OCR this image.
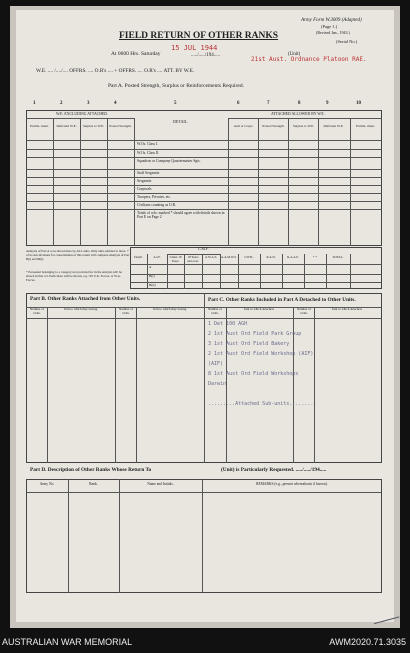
Army Form W.3009 (Adapted)
(Page 1.)
(Revised Jan., 1943.)
(Serial No.)
FIELD RETURN OF OTHER RANKS
At 0600 Hrs. Saturday
15 JUL 1944
...../...../194.....	(Unit)
21st Aust. Ordnance Platoon RAE.
W.E. .... /..../.... OFFRS. .... O.R's .... + OFFRS. .... O.R's .... ATT. BY W.E.
Part A. Posted Strength, Surplus or Reinforcements Required.
1	2	3	4	5	6	7	8	9	10
W.E. EXCLUDING ATTACHED.	ATTACHED ALLOWED BY W.E.
DETAIL.
Entitle- ment.	Deficient W.E.	Surplus to W.E. Posted Strength.	Arm or Corps.	Posted Strength.	Surplus to W.E.	Deficient W.E.	Entitle- ment.
W.Os. Class I.
W.Os. Class II.
Squadron or Company Quartermaster Sgts.
Staff Sergeants
Sergeants
Corporals
Troopers, Privates, etc.
Civilians counting as O.R.
Totals of cols. marked * should agree with details shown in Part E on Page 2
Analysis of Part A to be shown here by ALL units. Only units entitled to more. 7 of its sub-divisions for consolidation of this return will complete Analysis of Part B(i) and B(ii).
* Personnel belonging to a category not provided for in the analysis will be shown in this col. Particulars will be shown, e.g.: IN U.K. Forces, or W.A. Forces.
C.M.F.
Detail.	A.I.F.	Under 18 Years.
18 Years and over.
A.W.A.S.	A.A.M.W.S.	CIVIL.	R.A.N.	R.A.A.F.	* *	TOTAL.
A
B(i)
B(ii)
Part B. Other Ranks Attached from Other Units.	Part C. Other Ranks Included in Part A Detached to Other Units.
Number of O.Rs.
Unit to which they belong.	Number of O.Rs.
Unit to which they belong.	Number of O.Rs.
Unit to which detached.	Number of O.Rs.
Unit to which detached.
1 Det 100 AGH
2 1st Aust Ord Field Park Group
3 1st Aust Ord Field Bakery
2 1st Aust Ord Field Workshop (AIF)
(AIF)
8 1st Aust Ord Field Workshops
Darwin
.........Attached Sub-units.........
Part D. Description of Other Ranks Whose Return To	(Unit) is Particularly Requested. ...../...../194.....
Army No.	Rank.	Name and Initials.	REMARKS (e.g., present whereabouts if known).
AUSTRALIAN WAR MEMORIAL	AWM2020.71.3035
